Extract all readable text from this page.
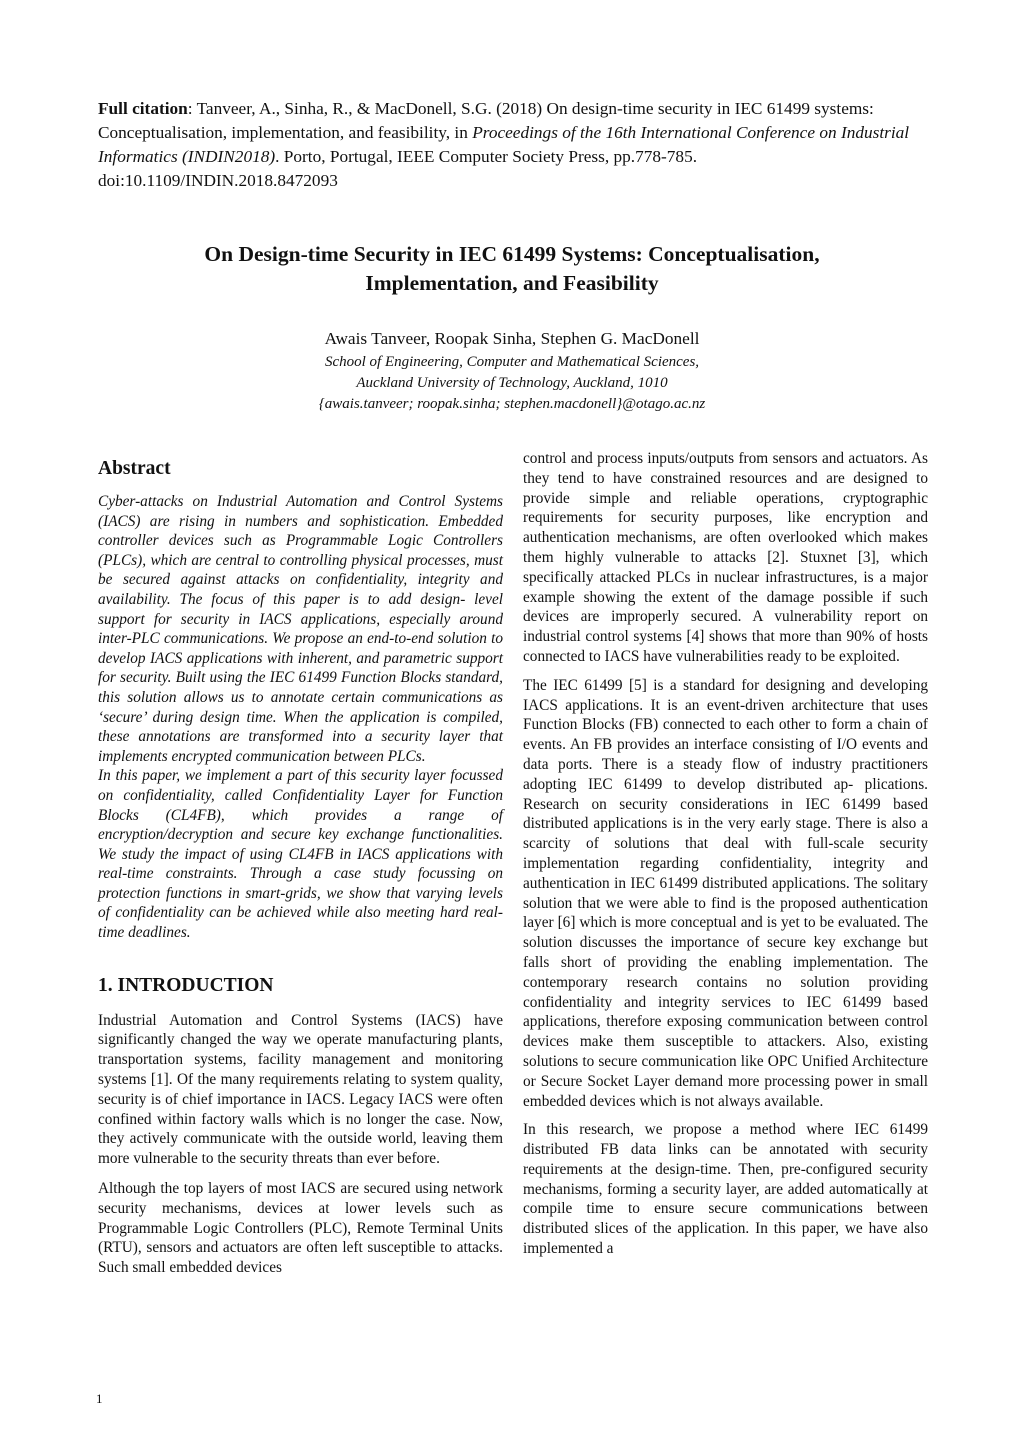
Full citation: Tanveer, A., Sinha, R., & MacDonell, S.G. (2018) On design-time security in IEC 61499 systems: Conceptualisation, implementation, and feasibility, in Proceedings of the 16th International Conference on Industrial Informatics (INDIN2018). Porto, Portugal, IEEE Computer Society Press, pp.778-785. doi:10.1109/INDIN.2018.8472093

On Design-time Security in IEC 61499 Systems: Conceptualisation,
Implementation, and Feasibility

Awais Tanveer, Roopak Sinha, Stephen G. MacDonell

School of Engineering, Computer and Mathematical Sciences,

Auckland University of Technology, Auckland, 1010

{awais.tanveer; roopak.sinha; stephen.macdonell}@otago.ac.nz

Abstract

Cyber-attacks on Industrial Automation and Control Systems (IACS) are rising in numbers and sophistication. Embedded controller devices such as Programmable Logic Controllers (PLCs), which are central to controlling physical processes, must be secured against attacks on confidentiality, integrity and availability. The focus of this paper is to add design- level support for security in IACS applications, especially around inter-PLC communications. We propose an end-to-end solution to develop IACS applications with inherent, and parametric support for security. Built using the IEC 61499 Function Blocks standard, this solution allows us to annotate certain communications as ‘secure’ during design time. When the application is compiled, these annotations are transformed into a security layer that implements encrypted communication between PLCs.

In this paper, we implement a part of this security layer focussed on confidentiality, called Confidentiality Layer for Function Blocks (CL4FB), which provides a range of encryption/decryption and secure key exchange functionalities. We study the impact of using CL4FB in IACS applications with real-time constraints. Through a case study focussing on protection functions in smart-grids, we show that varying levels of confidentiality can be achieved while also meeting hard real-time deadlines.

1. INTRODUCTION

Industrial Automation and Control Systems (IACS) have significantly changed the way we operate manufacturing plants, transportation systems, facility management and monitoring systems [1]. Of the many requirements relating to system quality, security is of chief importance in IACS. Legacy IACS were often confined within factory walls which is no longer the case. Now, they actively communicate with the outside world, leaving them more vulnerable to the security threats than ever before.

Although the top layers of most IACS are secured using network security mechanisms, devices at lower levels such as Programmable Logic Controllers (PLC), Remote Terminal Units (RTU), sensors and actuators are often left susceptible to attacks. Such small embedded devices

control and process inputs/outputs from sensors and actuators. As they tend to have constrained resources and are designed to provide simple and reliable operations, cryptographic requirements for security purposes, like encryption and authentication mechanisms, are often overlooked which makes them highly vulnerable to attacks [2]. Stuxnet [3], which specifically attacked PLCs in nuclear infrastructures, is a major example showing the extent of the damage possible if such devices are improperly secured. A vulnerability report on industrial control systems [4] shows that more than 90% of hosts connected to IACS have vulnerabilities ready to be exploited.

The IEC 61499 [5] is a standard for designing and developing IACS applications. It is an event-driven architecture that uses Function Blocks (FB) connected to each other to form a chain of events. An FB provides an interface consisting of I/O events and data ports. There is a steady flow of industry practitioners adopting IEC 61499 to develop distributed ap- plications. Research on security considerations in IEC 61499 based distributed applications is in the very early stage. There is also a scarcity of solutions that deal with full-scale security implementation regarding confidentiality, integrity and authentication in IEC 61499 distributed applications. The solitary solution that we were able to find is the proposed authentication layer [6] which is more conceptual and is yet to be evaluated. The solution discusses the importance of secure key exchange but falls short of providing the enabling implementation. The contemporary research contains no solution providing confidentiality and integrity services to IEC 61499 based applications, therefore exposing communication between control devices make them susceptible to attackers. Also, existing solutions to secure communication like OPC Unified Architecture or Secure Socket Layer demand more processing power in small embedded devices which is not always available.

In this research, we propose a method where IEC 61499 distributed FB data links can be annotated with security requirements at the design-time. Then, pre-configured security mechanisms, forming a security layer, are added automatically at compile time to ensure secure communications between distributed slices of the application. In this paper, we have also implemented a

1
